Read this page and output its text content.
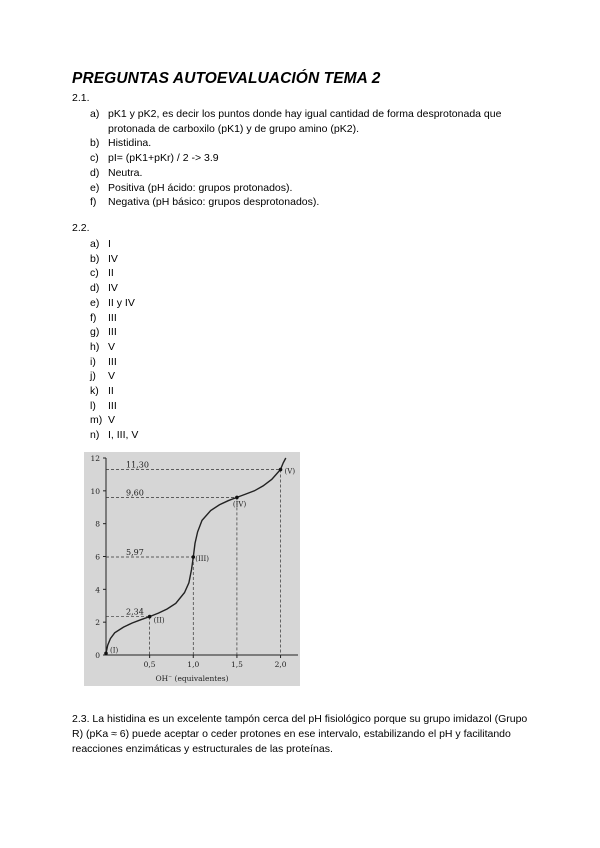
PREGUNTAS AUTOEVALUACIÓN TEMA 2

2.1.

a) pK1 y pK2, es decir los puntos donde hay igual cantidad de forma desprotonada que protonada de carboxilo (pK1) y de grupo amino (pK2).
b) Histidina.
c) pI= (pK1+pKr) / 2 -> 3.9
d) Neutra.
e) Positiva (pH ácido: grupos protonados).
f) Negativa (pH básico: grupos desprotonados).

2.2.

a) I
b) IV
c) II
d) IV
e) II y IV
f) III
g) III
h) V
i) III
j) V
k) II
l) III
m) V
n) I, III, V
0
2
4
6
8
10
12
0,5	1,0	1,5	2,0
OH⁻ (equivalentes)
11,30
9,60
5,97
2,34
(I)
(II)
(III)
(IV)
(V)

2.3. La histidina es un excelente tampón cerca del pH fisiológico porque su grupo imidazol (Grupo R) (pKa ≈ 6) puede aceptar o ceder protones en ese intervalo, estabilizando el pH y facilitando reacciones enzimáticas y estructurales de las proteínas.
